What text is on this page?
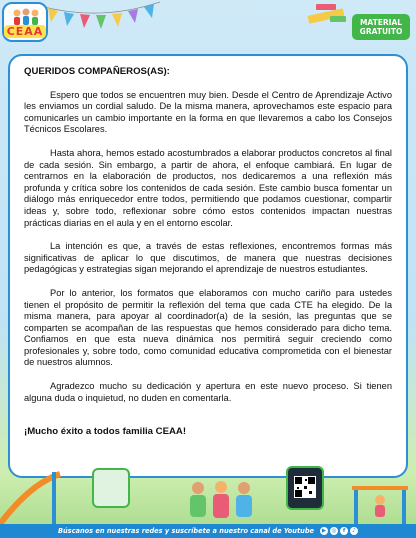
CEAA
MATERIAL
GRATUITO

QUERIDOS COMPAÑEROS(AS):

Espero que todos se encuentren muy bien. Desde el Centro de Aprendizaje Activo les enviamos un cordial saludo. De la misma manera, aprovechamos este espacio para comunicarles un cambio importante en la forma en que llevaremos a cabo los Consejos Técnicos Escolares.

Hasta ahora, hemos estado acostumbrados a elaborar productos concretos al final de cada sesión. Sin embargo, a partir de ahora, el enfoque cambiará. En lugar de centrarnos en la elaboración de productos, nos dedicaremos a una reflexión más profunda y crítica sobre los contenidos de cada sesión. Este cambio busca fomentar un diálogo más enriquecedor entre todos, permitiendo que podamos cuestionar, compartir ideas y, sobre todo, reflexionar sobre cómo estos contenidos impactan nuestras prácticas diarias en el aula y en el entorno escolar.

La intención es que, a través de estas reflexiones, encontremos formas más significativas de aplicar lo que discutimos, de manera que nuestras decisiones pedagógicas y estrategias sigan mejorando el aprendizaje de nuestros estudiantes.

Por lo anterior, los formatos que elaboramos con mucho cariño para ustedes tienen el propósito de permitir la reflexión del tema que cada CTE ha elegido. De la misma manera, para apoyar al coordinador(a) de la sesión, las preguntas que se comparten se acompañan de las respuestas que hemos considerado para dicho tema. Confiamos en que esta nueva dinámica nos permitirá seguir creciendo como profesionales y, sobre todo, como comunidad educativa comprometida con el bienestar de nuestros alumnos.

Agradezco mucho su dedicación y apertura en este nuevo proceso. Si tienen alguna duda o inquietud, no duden en comentarla.

¡Mucho éxito a todos familia CEAA!

Búscanos en nuestras redes y suscríbete a nuestro canal de Youtube	▶ ◎	f	♪
